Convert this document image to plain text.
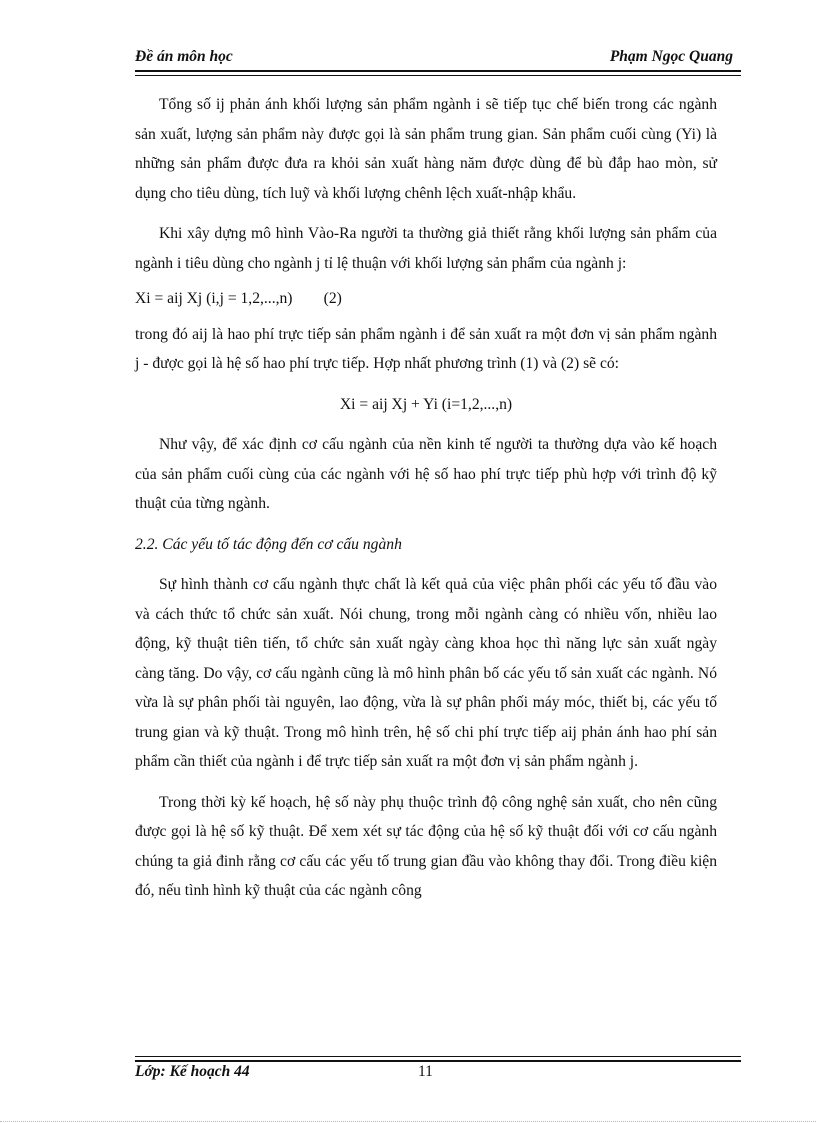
Đề án môn học	Phạm Ngọc Quang

Tổng số ij phản ánh khối lượng sản phẩm ngành i sẽ tiếp tục chế biến trong các ngành sản xuất, lượng sản phẩm này được gọi là sản phẩm trung gian. Sản phẩm cuối cùng (Yi) là những sản phẩm được đưa ra khỏi sản xuất hàng năm được dùng để bù đắp hao mòn, sử dụng cho tiêu dùng, tích luỹ và khối lượng chênh lệch xuất-nhập khẩu.

Khi xây dựng mô hình Vào-Ra người ta thường giả thiết rằng khối lượng sản phẩm của ngành i tiêu dùng cho ngành j tỉ lệ thuận với khối lượng sản phẩm của ngành j:

Xi = aij Xj (i,j = 1,2,...,n)        (2)

trong đó aij là hao phí trực tiếp sản phẩm ngành i để sản xuất ra một đơn vị sản phẩm ngành j - được gọi là hệ số hao phí trực tiếp. Hợp nhất phương trình (1) và (2) sẽ có:

Xi = aij Xj + Yi (i=1,2,...,n)

Như vậy, để xác định cơ cấu ngành của nền kinh tế người ta thường dựa vào kế hoạch của sản phẩm cuối cùng của các ngành với hệ số hao phí trực tiếp phù hợp với trình độ kỹ thuật của từng ngành.

2.2. Các yếu tố tác động đến cơ cấu ngành

Sự hình thành cơ cấu ngành thực chất là kết quả của việc phân phối các yếu tố đầu vào và cách thức tổ chức sản xuất. Nói chung, trong mỗi ngành càng có nhiều vốn, nhiều lao động, kỹ thuật tiên tiến, tổ chức sản xuất ngày càng khoa học thì năng lực sản xuất ngày càng tăng. Do vậy, cơ cấu ngành cũng là mô hình phân bố các yếu tố sản xuất các ngành. Nó vừa là sự phân phối tài nguyên, lao động, vừa là sự phân phối máy móc, thiết bị, các yếu tố trung gian và kỹ thuật. Trong mô hình trên, hệ số chi phí trực tiếp aij phản ánh hao phí sản phẩm cần thiết của ngành i để trực tiếp sản xuất ra một đơn vị sản phẩm ngành j.

Trong thời kỳ kế hoạch, hệ số này phụ thuộc trình độ công nghệ sản xuất, cho nên cũng được gọi là hệ số kỹ thuật. Để xem xét sự tác động của hệ số kỹ thuật đối với cơ cấu ngành chúng ta giả đinh rằng cơ cấu các yếu tố trung gian đầu vào không thay đổi. Trong điều kiện đó, nếu tình hình kỹ thuật của các ngành công

Lớp: Kế hoạch 44	11
